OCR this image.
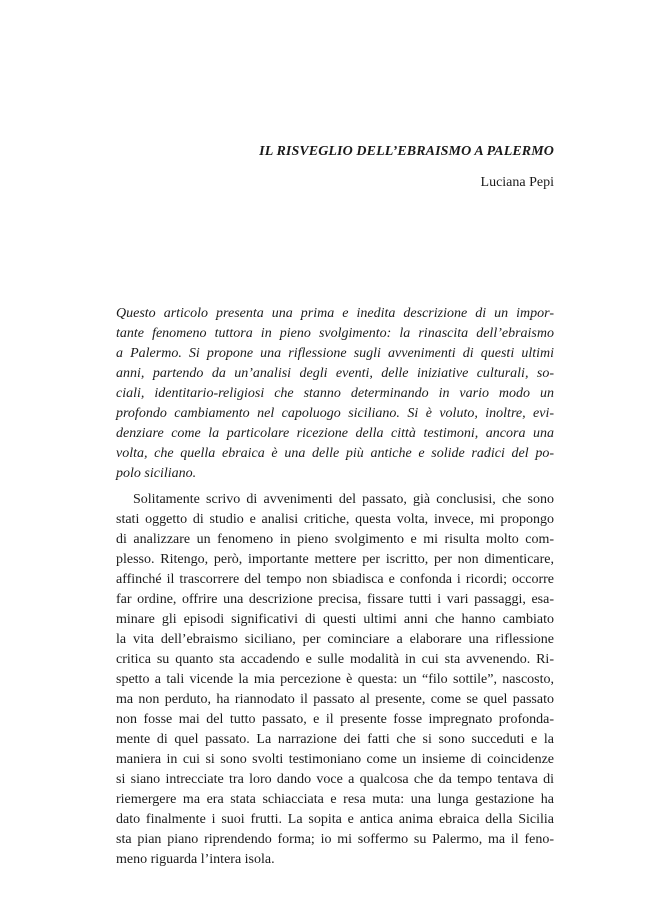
IL RISVEGLIO DELL’EBRAISMO A PALERMO

Luciana Pepi

Questo articolo presenta una prima e inedita descrizione di un impor-

tante fenomeno tuttora in pieno svolgimento: la rinascita dell’ebraismo

a Palermo. Si propone una riflessione sugli avvenimenti di questi ultimi

anni, partendo da un’analisi degli eventi, delle iniziative culturali, so-

ciali, identitario-religiosi che stanno determinando in vario modo un

profondo cambiamento nel capoluogo siciliano. Si è voluto, inoltre, evi-

denziare come la particolare ricezione della città testimoni, ancora una

volta, che quella ebraica è una delle più antiche e solide radici del po-

polo siciliano.

Solitamente scrivo di avvenimenti del passato, già conclusisi, che sono

stati oggetto di studio e analisi critiche, questa volta, invece, mi propongo

di analizzare un fenomeno in pieno svolgimento e mi risulta molto com-

plesso. Ritengo, però, importante mettere per iscritto, per non dimenticare,

affinché il trascorrere del tempo non sbiadisca e confonda i ricordi; occorre

far ordine, offrire una descrizione precisa, fissare tutti i vari passaggi, esa-

minare gli episodi significativi di questi ultimi anni che hanno cambiato

la vita dell’ebraismo siciliano, per cominciare a elaborare una riflessione

critica su quanto sta accadendo e sulle modalità in cui sta avvenendo. Ri-

spetto a tali vicende la mia percezione è questa: un “filo sottile”, nascosto,

ma non perduto, ha riannodato il passato al presente, come se quel passato

non fosse mai del tutto passato, e il presente fosse impregnato profonda-

mente di quel passato. La narrazione dei fatti che si sono succeduti e la

maniera in cui si sono svolti testimoniano come un insieme di coincidenze

si siano intrecciate tra loro dando voce a qualcosa che da tempo tentava di

riemergere ma era stata schiacciata e resa muta: una lunga gestazione ha

dato finalmente i suoi frutti. La sopita e antica anima ebraica della Sicilia

sta pian piano riprendendo forma; io mi soffermo su Palermo, ma il feno-

meno riguarda l’intera isola.
